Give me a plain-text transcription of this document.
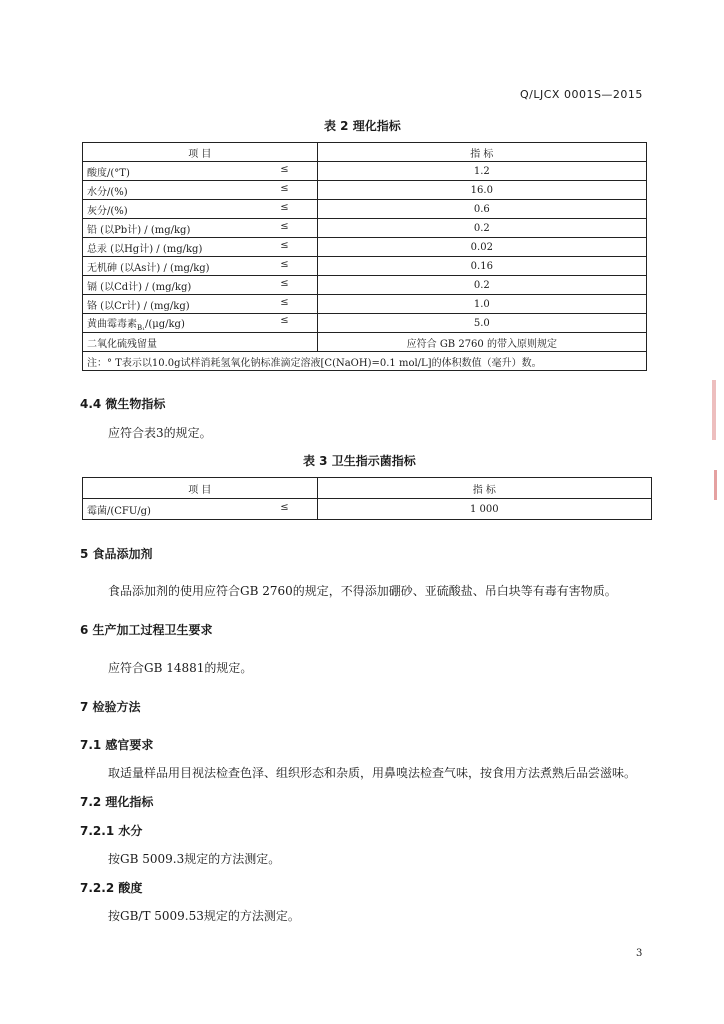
Q/LJCX 0001S—2015
表 2 理化指标
项 目	指 标
酸度/(°T) ≤	1.2
水分/(%) ≤	16.0
灰分/(%) ≤	0.6
铅 (以Pb计) / (mg/kg) ≤	0.2
总汞 (以Hg计) / (mg/kg) ≤	0.02
无机砷 (以As计) / (mg/kg) ≤	0.16
镉 (以Cd计) / (mg/kg) ≤	0.2
铬 (以Cr计) / (mg/kg) ≤	1.0
黄曲霉毒素$_{B_1}$/(μg/kg) ≤	5.0
二氧化硫残留量	应符合 GB 2760 的带入原则规定
注：° T表示以10.0g试样消耗氢氧化钠标准滴定溶液[C(NaOH)=0.1 mol/L]的体积数值（毫升）数。	
4.4 微生物指标
应符合表3的规定。
表 3 卫生指示菌指标
项 目	指 标
霉菌/(CFU/g) ≤	1 000
5 食品添加剂
食品添加剂的使用应符合GB 2760的规定，不得添加硼砂、亚硫酸盐、吊白块等有毒有害物质。
6 生产加工过程卫生要求
应符合GB 14881的规定。
7 检验方法
7.1 感官要求
取适量样品用目视法检查色泽、组织形态和杂质，用鼻嗅法检查气味，按食用方法煮熟后品尝滋味。
7.2 理化指标
7.2.1 水分
按GB 5009.3规定的方法测定。
7.2.2 酸度
按GB/T 5009.53规定的方法测定。
3
